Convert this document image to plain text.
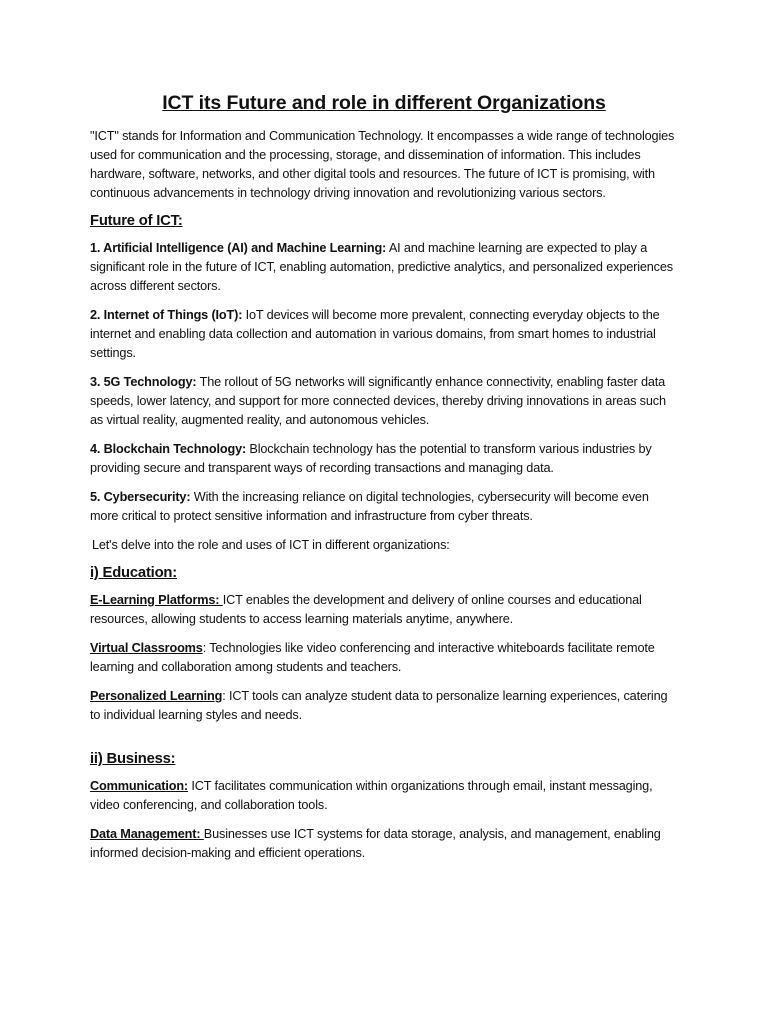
ICT its Future and role in different Organizations

"ICT" stands for Information and Communication Technology. It encompasses a wide range of technologies used for communication and the processing, storage, and dissemination of information. This includes hardware, software, networks, and other digital tools and resources. The future of ICT is promising, with continuous advancements in technology driving innovation and revolutionizing various sectors.

Future of ICT:

1. Artificial Intelligence (AI) and Machine Learning: AI and machine learning are expected to play a significant role in the future of ICT, enabling automation, predictive analytics, and personalized experiences across different sectors.

2. Internet of Things (IoT): IoT devices will become more prevalent, connecting everyday objects to the internet and enabling data collection and automation in various domains, from smart homes to industrial settings.

3. 5G Technology: The rollout of 5G networks will significantly enhance connectivity, enabling faster data speeds, lower latency, and support for more connected devices, thereby driving innovations in areas such as virtual reality, augmented reality, and autonomous vehicles.

4. Blockchain Technology: Blockchain technology has the potential to transform various industries by providing secure and transparent ways of recording transactions and managing data.

5. Cybersecurity: With the increasing reliance on digital technologies, cybersecurity will become even more critical to protect sensitive information and infrastructure from cyber threats.

Let's delve into the role and uses of ICT in different organizations:

i) Education:

E-Learning Platforms: ICT enables the development and delivery of online courses and educational resources, allowing students to access learning materials anytime, anywhere.

Virtual Classrooms: Technologies like video conferencing and interactive whiteboards facilitate remote learning and collaboration among students and teachers.

Personalized Learning: ICT tools can analyze student data to personalize learning experiences, catering to individual learning styles and needs.

ii) Business:

Communication: ICT facilitates communication within organizations through email, instant messaging, video conferencing, and collaboration tools.

Data Management: Businesses use ICT systems for data storage, analysis, and management, enabling informed decision-making and efficient operations.
